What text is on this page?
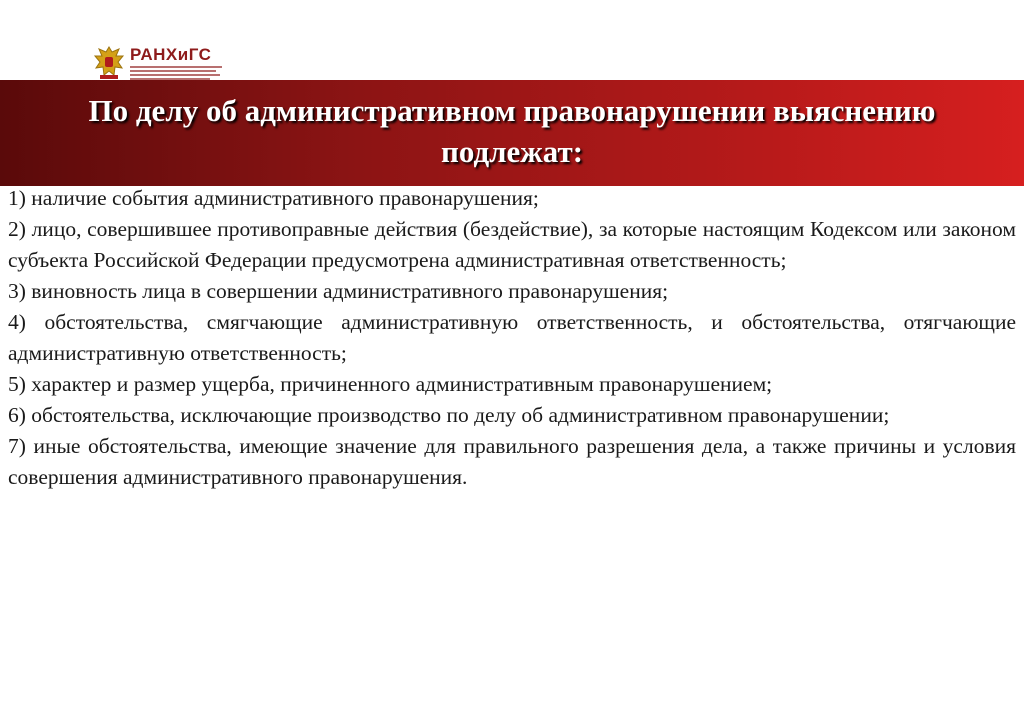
РАНХиГС
По делу об административном правонарушении выяснению подлежат:

1) наличие события административного правонарушения;

2) лицо, совершившее противоправные действия (бездействие), за которые настоящим Кодексом или законом субъекта Российской Федерации предусмотрена административная ответственность;

3) виновность лица в совершении административного правонарушения;

4) обстоятельства, смягчающие административную ответственность, и обстоятельства, отягчающие административную ответственность;

5) характер и размер ущерба, причиненного административным правонарушением;

6) обстоятельства, исключающие производство по делу об административном правонарушении;

7) иные обстоятельства, имеющие значение для правильного разрешения дела, а также причины и условия совершения административного правонарушения.
